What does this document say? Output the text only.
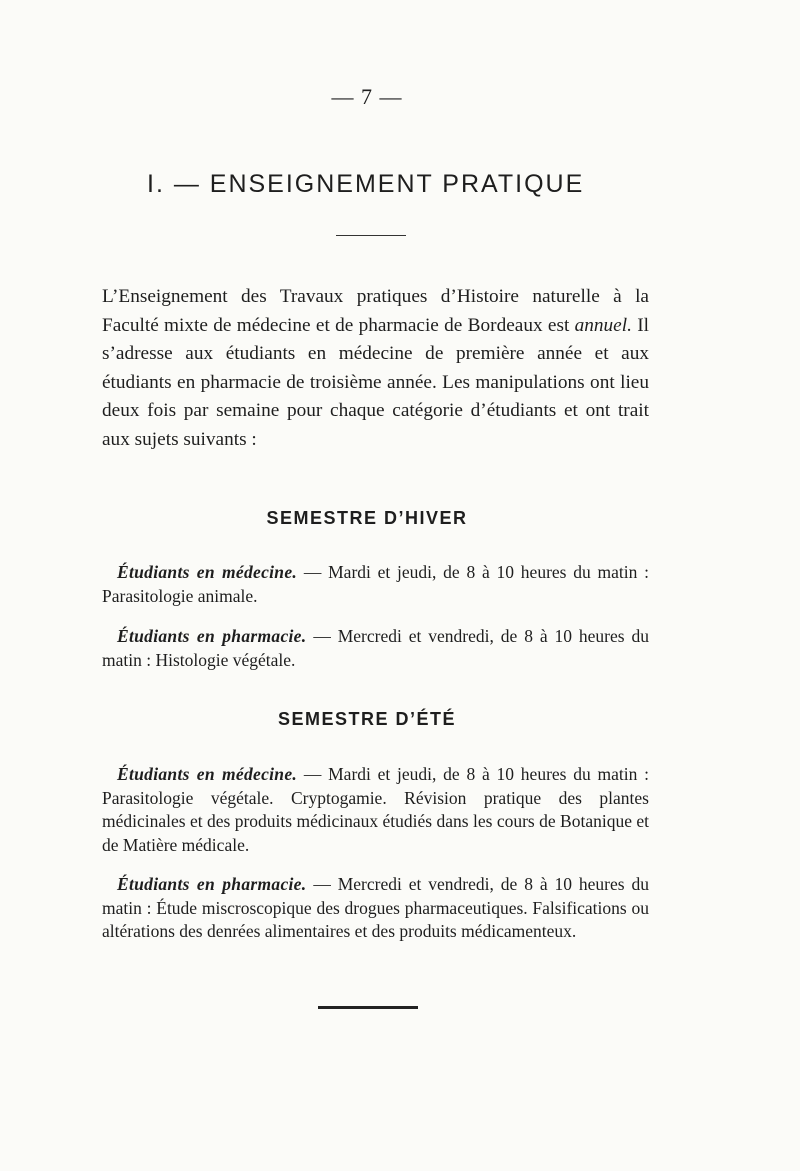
— 7 —
I. — ENSEIGNEMENT PRATIQUE

L’Enseignement des Travaux pratiques d’Histoire naturelle à la Faculté mixte de médecine et de pharmacie de Bordeaux est annuel. Il s’adresse aux étudiants en médecine de première année et aux étudiants en pharmacie de troisième année. Les manipulations ont lieu deux fois par semaine pour chaque catégorie d’étudiants et ont trait aux sujets suivants :

SEMESTRE D’HIVER

Étudiants en médecine. — Mardi et jeudi, de 8 à 10 heures du matin : Parasitologie animale.

Étudiants en pharmacie. — Mercredi et vendredi, de 8 à 10 heures du matin : Histologie végétale.

SEMESTRE D’ÉTÉ

Étudiants en médecine. — Mardi et jeudi, de 8 à 10 heures du matin : Parasitologie végétale. Cryptogamie. Révision pratique des plantes médicinales et des produits médicinaux étudiés dans les cours de Botanique et de Matière médicale.

Étudiants en pharmacie. — Mercredi et vendredi, de 8 à 10 heures du matin : Étude miscroscopique des drogues pharmaceutiques. Falsifications ou altérations des denrées alimentaires et des produits médicamenteux.
